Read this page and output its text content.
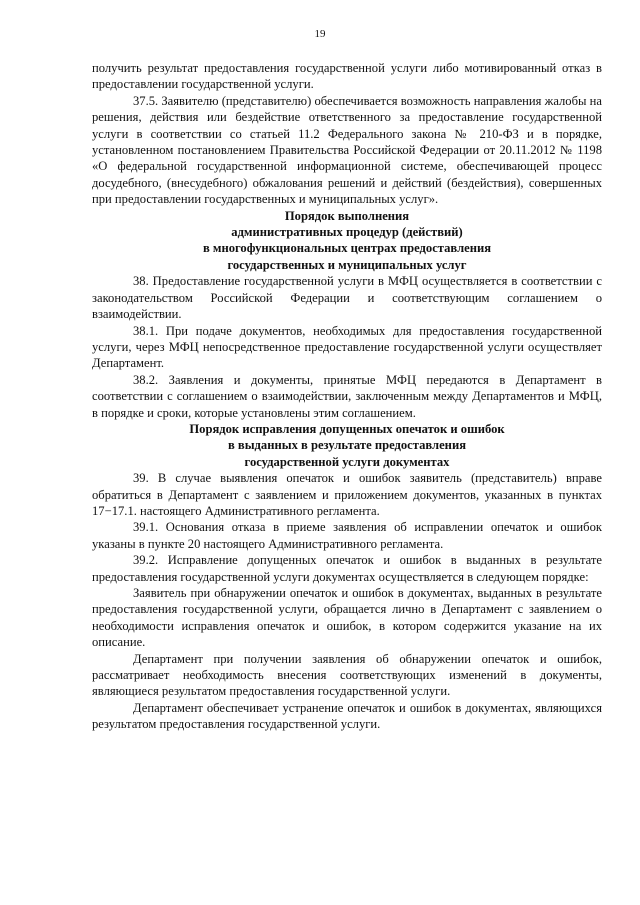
19

получить результат предоставления государственной услуги либо мотивированный отказ в предоставлении государственной услуги.

37.5. Заявителю (представителю) обеспечивается возможность направления жалобы на решения, действия или бездействие ответственного за предоставление государственной услуги в соответствии со статьей 11.2 Федерального закона № 210-ФЗ и в порядке, установленном постановлением Правительства Российской Федерации от 20.11.2012 № 1198 «О федеральной государственной информационной системе, обеспечивающей процесс досудебного, (внесудебного) обжалования решений и действий (бездействия), совершенных при предоставлении государственных и муниципальных услуг».

Порядок выполнения
административных процедур (действий)
в многофункциональных центрах предоставления
государственных и муниципальных услуг

38. Предоставление государственной услуги в МФЦ осуществляется в соответствии с законодательством Российской Федерации и соответствующим соглашением о взаимодействии.

38.1. При подаче документов, необходимых для предоставления государственной услуги, через МФЦ непосредственное предоставление государственной услуги осуществляет Департамент.

38.2. Заявления и документы, принятые МФЦ передаются в Департамент в соответствии с соглашением о взаимодействии, заключенным между Департаментов и МФЦ, в порядке и сроки, которые установлены этим соглашением.

Порядок исправления допущенных опечаток и ошибок
в выданных в результате предоставления
государственной услуги документах

39. В случае выявления опечаток и ошибок заявитель (представитель) вправе обратиться в Департамент с заявлением и приложением документов, указанных в пунктах 17−17.1. настоящего Административного регламента.

39.1. Основания отказа в приеме заявления об исправлении опечаток и ошибок указаны в пункте 20 настоящего Административного регламента.

39.2. Исправление допущенных опечаток и ошибок в выданных в результате предоставления государственной услуги документах осуществляется в следующем порядке:

Заявитель при обнаружении опечаток и ошибок в документах, выданных в результате предоставления государственной услуги, обращается лично в Департамент с заявлением о необходимости исправления опечаток и ошибок, в котором содержится указание на их описание.

Департамент при получении заявления об обнаружении опечаток и ошибок, рассматривает необходимость внесения соответствующих изменений в документы, являющиеся результатом предоставления государственной услуги.

Департамент обеспечивает устранение опечаток и ошибок в документах, являющихся результатом предоставления государственной услуги.
